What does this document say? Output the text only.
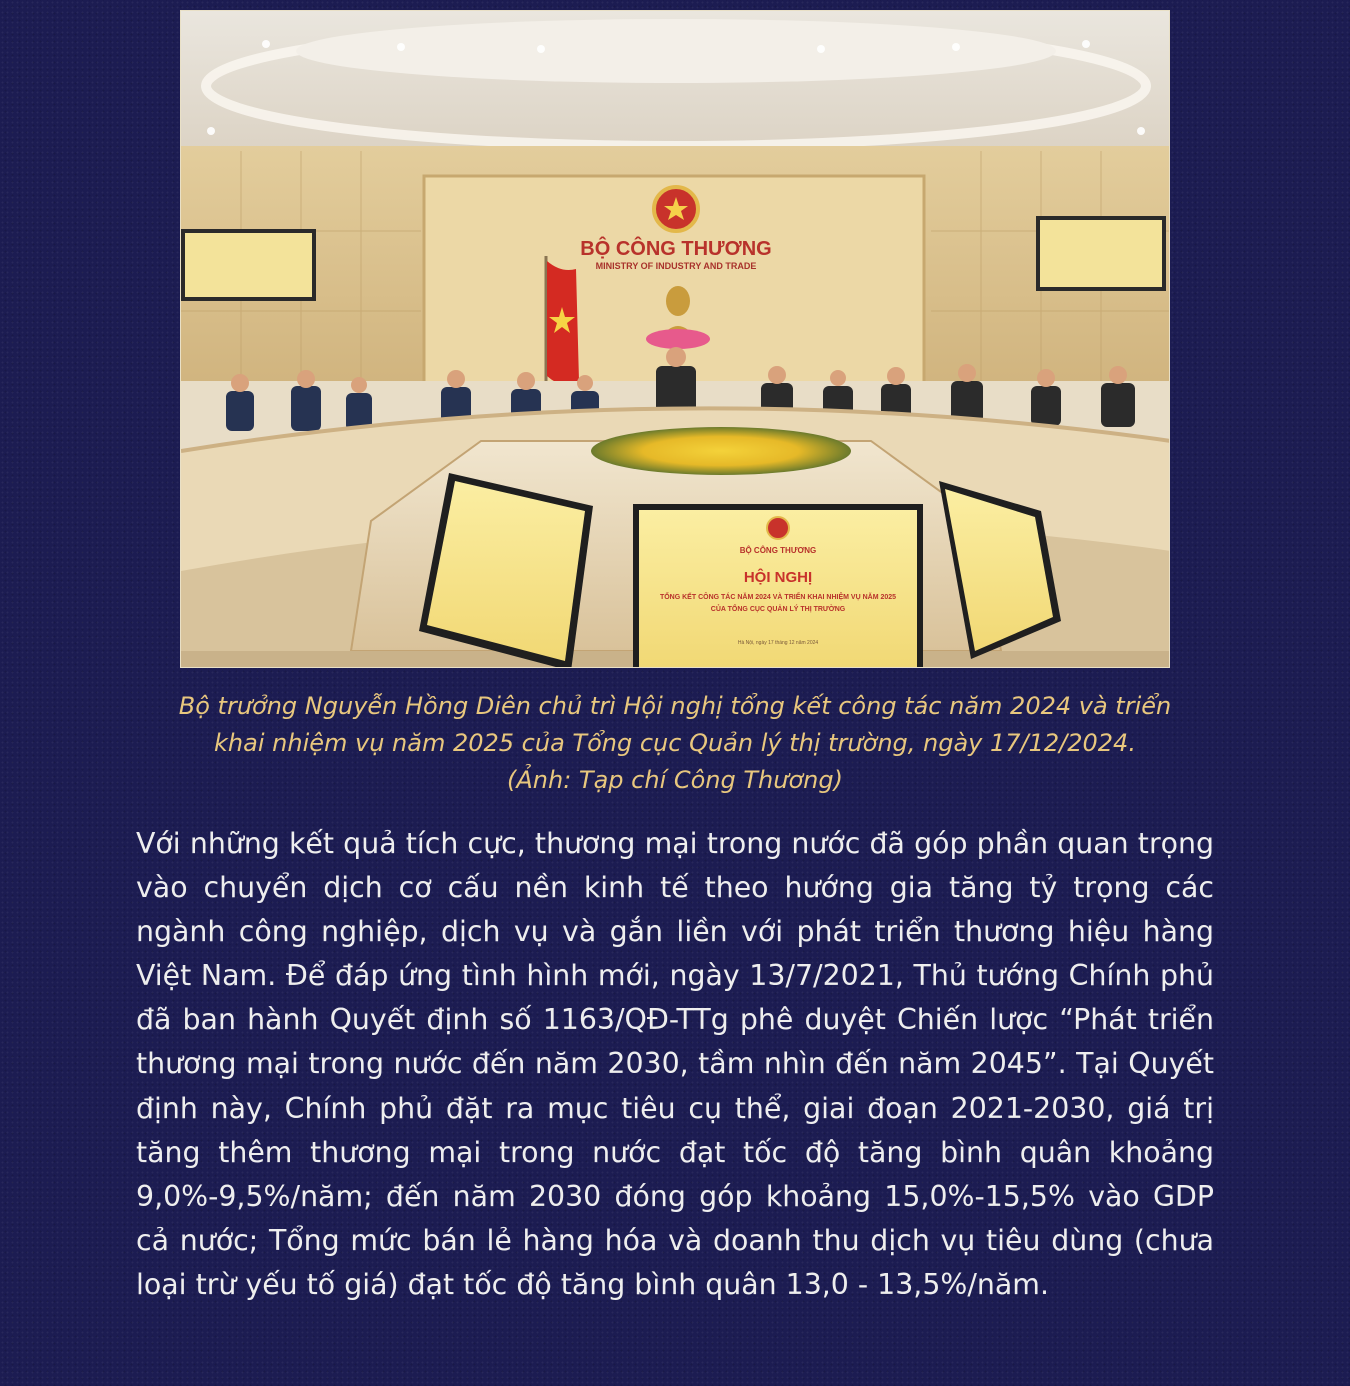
BỘ CÔNG THƯƠNG
MINISTRY OF INDUSTRY AND TRADE
BỘ CÔNG THƯƠNG
HỘI NGHỊ
TỔNG KẾT CÔNG TÁC NĂM 2024 VÀ TRIỂN KHAI NHIỆM VỤ NĂM 2025
CỦA TỔNG CỤC QUẢN LÝ THỊ TRƯỜNG
Hà Nội, ngày 17 tháng 12 năm 2024

Bộ trưởng Nguyễn Hồng Diên chủ trì Hội nghị tổng kết công tác năm 2024 và triển
khai nhiệm vụ năm 2025 của Tổng cục Quản lý thị trường, ngày 17/12/2024.
(Ảnh: Tạp chí Công Thương)

Với những kết quả tích cực, thương mại trong nước đã góp phần quan trọng vào chuyển dịch cơ cấu nền kinh tế theo hướng gia tăng tỷ trọng các ngành công nghiệp, dịch vụ và gắn liền với phát triển thương hiệu hàng Việt Nam. Để đáp ứng tình hình mới, ngày 13/7/2021, Thủ tướng Chính phủ đã ban hành Quyết định số 1163/QĐ-TTg phê duyệt Chiến lược “Phát triển thương mại trong nước đến năm 2030, tầm nhìn đến năm 2045”. Tại Quyết định này, Chính phủ đặt ra mục tiêu cụ thể, giai đoạn 2021-2030, giá trị tăng thêm thương mại trong nước đạt tốc độ tăng bình quân khoảng 9,0%-9,5%/năm; đến năm 2030 đóng góp khoảng 15,0%-15,5% vào GDP cả nước; Tổng mức bán lẻ hàng hóa và doanh thu dịch vụ tiêu dùng (chưa loại trừ yếu tố giá) đạt tốc độ tăng bình quân 13,0 - 13,5%/năm.
